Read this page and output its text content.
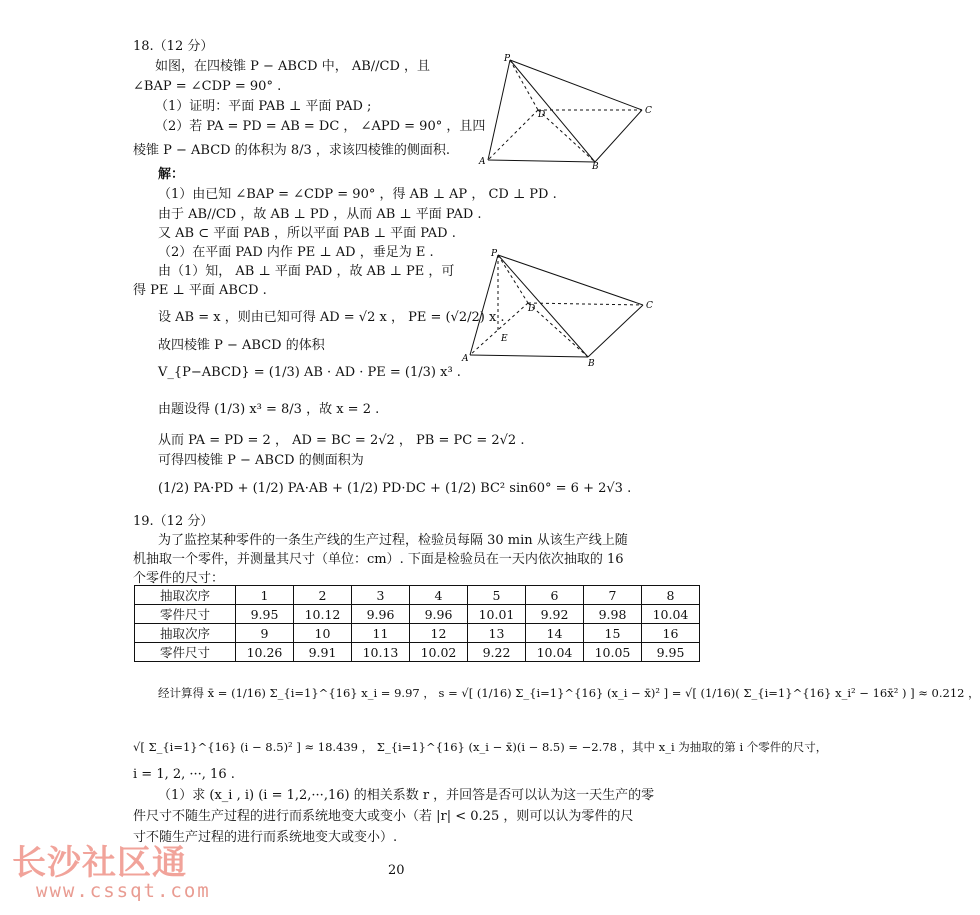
18.（12 分）
如图，在四棱锥 P − ABCD 中， AB//CD ，且
∠BAP = ∠CDP = 90° .
（1）证明：平面 PAB ⊥ 平面 PAD ;
（2）若 PA = PD = AB = DC ， ∠APD = 90° ，且四
棱锥 P − ABCD 的体积为 8/3 ，求该四棱锥的侧面积.
P
A	B
C
D
解：
（1）由已知 ∠BAP = ∠CDP = 90° ，得 AB ⊥ AP ， CD ⊥ PD .
由于 AB//CD ，故 AB ⊥ PD ，从而 AB ⊥ 平面 PAD .
又 AB ⊂ 平面 PAB ，所以平面 PAB ⊥ 平面 PAD .
（2）在平面 PAD 内作 PE ⊥ AD ，垂足为 E .
由（1）知， AB ⊥ 平面 PAD ，故 AB ⊥ PE ，可
得 PE ⊥ 平面 ABCD .
设 AB = x ，则由已知可得 AD = √2 x ， PE = (√2/2) x .
故四棱锥 P − ABCD 的体积
V_{P−ABCD} = (1/3) AB · AD · PE = (1/3) x³ .
由题设得 (1/3) x³ = 8/3 ，故 x = 2 .
从而 PA = PD = 2 ， AD = BC = 2√2 ， PB = PC = 2√2 .
可得四棱锥 P − ABCD 的侧面积为
(1/2) PA·PD + (1/2) PA·AB + (1/2) PD·DC + (1/2) BC² sin60° = 6 + 2√3 .
P
A	B
C
D
E
19.（12 分）
为了监控某种零件的一条生产线的生产过程，检验员每隔 30 min 从该生产线上随
机抽取一个零件，并测量其尺寸（单位：cm）. 下面是检验员在一天内依次抽取的 16
个零件的尺寸：
抽取次序	1	2	3	4	5	6	7	8
零件尺寸	9.95	10.12	9.96	9.96	10.01	9.92	9.98	10.04
抽取次序	9	10	11	12	13	14	15	16
零件尺寸	10.26	9.91	10.13	10.02	9.22	10.04	10.05	9.95
经计算得 x̄ = (1/16) Σ_{i=1}^{16} x_i = 9.97 ， s = √[ (1/16) Σ_{i=1}^{16} (x_i − x̄)² ] = √[ (1/16)( Σ_{i=1}^{16} x_i² − 16x̄² ) ] ≈ 0.212 ，
√[ Σ_{i=1}^{16} (i − 8.5)² ] ≈ 18.439 ， Σ_{i=1}^{16} (x_i − x̄)(i − 8.5) = −2.78 ，其中 x_i 为抽取的第 i 个零件的尺寸，
i = 1, 2, ···, 16 .
（1）求 (x_i , i) (i = 1,2,···,16) 的相关系数 r ，并回答是否可以认为这一天生产的零
件尺寸不随生产过程的进行而系统地变大或变小（若 |r| < 0.25 ，则可以认为零件的尺
寸不随生产过程的进行而系统地变大或变小）.
长沙社区通
www.cssqt.com
20
